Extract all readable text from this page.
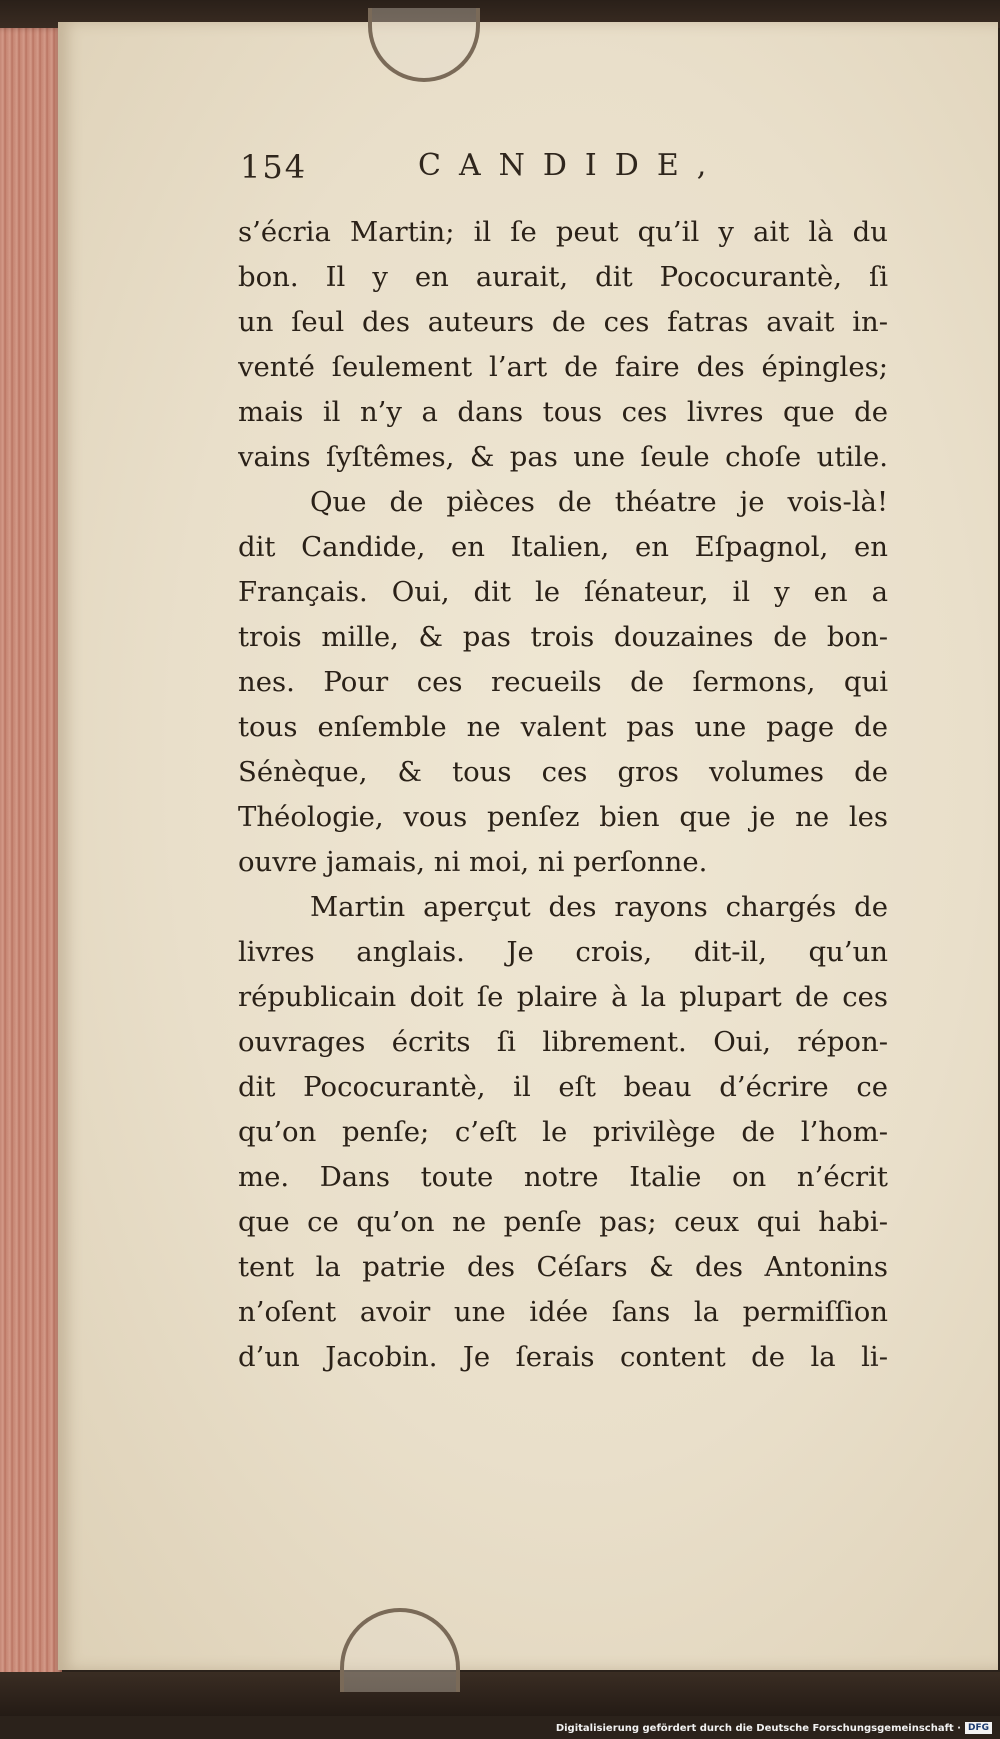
154	CANDIDE,
s’écria Martin; il ſe peut qu’il y ait là du
bon. Il y en aurait, dit Pococurantè, ſi
un ſeul des auteurs de ces fatras avait in-
venté ſeulement l’art de faire des épingles;
mais il n’y a dans tous ces livres que de
vains ſyſtêmes, & pas une ſeule choſe utile.
Que de pièces de théatre je vois-là!
dit Candide, en Italien, en Eſpagnol, en
Français. Oui, dit le ſénateur, il y en a
trois mille, & pas trois douzaines de bon-
nes. Pour ces recueils de ſermons, qui
tous enſemble ne valent pas une page de
Sénèque, & tous ces gros volumes de
Théologie, vous penſez bien que je ne les
ouvre jamais, ni moi, ni perſonne.
Martin aperçut des rayons chargés de
livres anglais. Je crois, dit-il, qu’un
républicain doit ſe plaire à la plupart de ces
ouvrages écrits ſi librement. Oui, répon-
dit Pococurantè, il eſt beau d’écrire ce
qu’on penſe; c’eſt le privilège de l’hom-
me. Dans toute notre Italie on n’écrit
que ce qu’on ne penſe pas; ceux qui habi-
tent la patrie des Céſars & des Antonins
n’oſent avoir une idée ſans la permiſſion
d’un Jacobin. Je ſerais content de la li-
Digitalisierung gefördert durch die Deutsche Forschungsgemeinschaft · DFG
